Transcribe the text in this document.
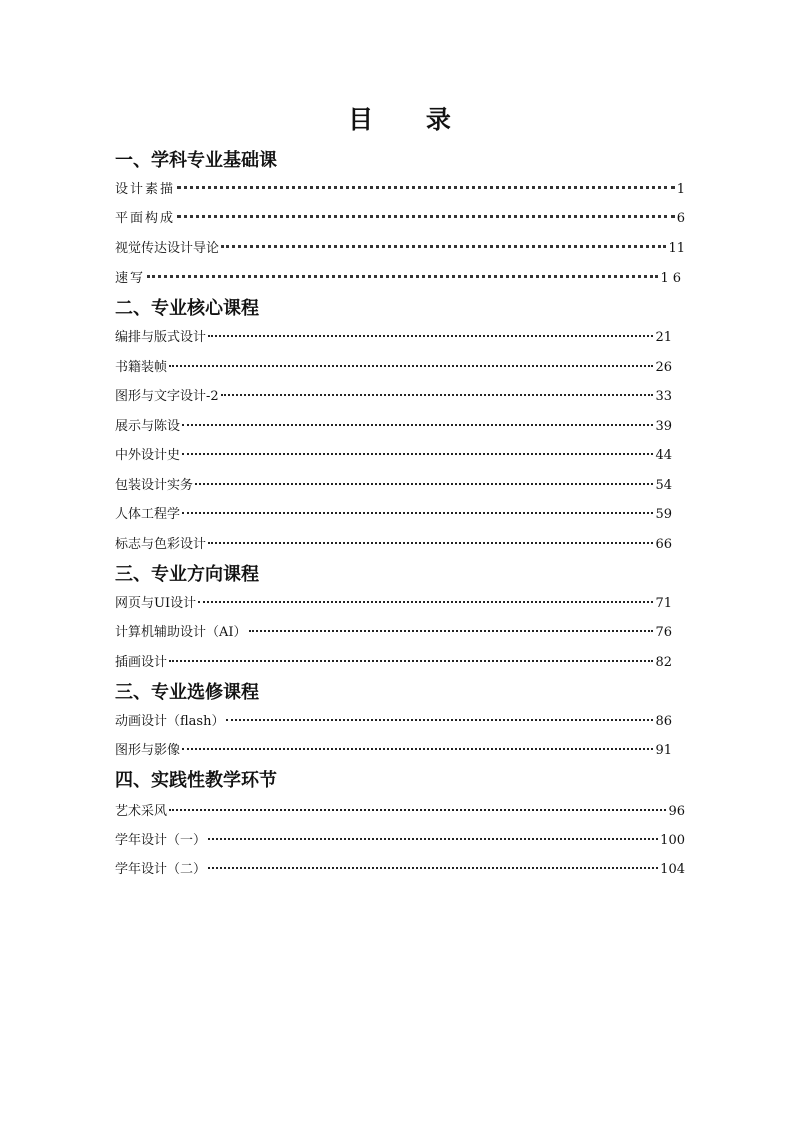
目 录
一、学科专业基础课
设计素描	1
平面构成	6
视觉传达设计导论	11
速写	16
二、专业核心课程
编排与版式设计	21
书籍装帧	26
图形与文字设计-2	33
展示与陈设	39
中外设计史	44
包装设计实务	54
人体工程学	59
标志与色彩设计	66
三、专业方向课程
网页与UI设计	71
计算机辅助设计（AI）	76
插画设计	82
三、专业选修课程
动画设计（flash）	86
图形与影像	91
四、实践性教学环节
艺术采风	96
学年设计（一）	100
学年设计（二）	104
